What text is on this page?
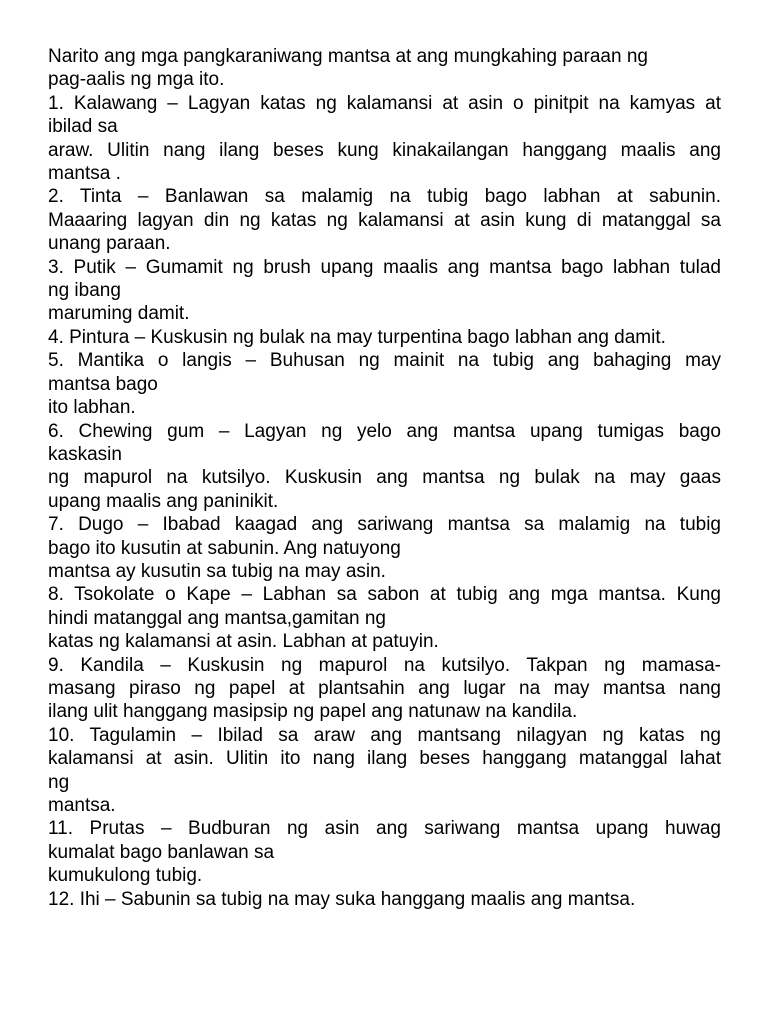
Narito ang mga pangkaraniwang mantsa at ang mungkahing paraan ng
pag-aalis ng mga ito.
1. Kalawang – Lagyan katas ng kalamansi at asin o pinitpit na kamyas at
ibilad sa
araw. Ulitin nang ilang beses kung kinakailangan hanggang maalis ang
mantsa .
2. Tinta – Banlawan sa malamig na tubig bago labhan at sabunin.
Maaaring lagyan din ng katas ng kalamansi at asin kung di matanggal sa
unang paraan.
3. Putik – Gumamit ng brush upang maalis ang mantsa bago labhan tulad
ng ibang
maruming damit.
4. Pintura – Kuskusin ng bulak na may turpentina bago labhan ang damit.
5. Mantika o langis – Buhusan ng mainit na tubig ang bahaging may
mantsa bago
ito labhan.
6. Chewing gum – Lagyan ng yelo ang mantsa upang tumigas bago
kaskasin
ng mapurol na kutsilyo. Kuskusin ang mantsa ng bulak na may gaas
upang maalis ang paninikit.
7. Dugo – Ibabad kaagad ang sariwang mantsa sa malamig na tubig
bago ito kusutin at sabunin. Ang natuyong
mantsa ay kusutin sa tubig na may asin.
8. Tsokolate o Kape – Labhan sa sabon at tubig ang mga mantsa. Kung
hindi matanggal ang mantsa,gamitan ng
katas ng kalamansi at asin. Labhan at patuyin.
9. Kandila – Kuskusin ng mapurol na kutsilyo. Takpan ng mamasa-
masang piraso ng papel at plantsahin ang lugar na may mantsa nang
ilang ulit hanggang masipsip ng papel ang natunaw na kandila.
10. Tagulamin – Ibilad sa araw ang mantsang nilagyan ng katas ng
kalamansi at asin. Ulitin ito nang ilang beses hanggang matanggal lahat
ng
mantsa.
11. Prutas – Budburan ng asin ang sariwang mantsa upang huwag
kumalat bago banlawan sa
kumukulong tubig.
12. Ihi – Sabunin sa tubig na may suka hanggang maalis ang mantsa.
